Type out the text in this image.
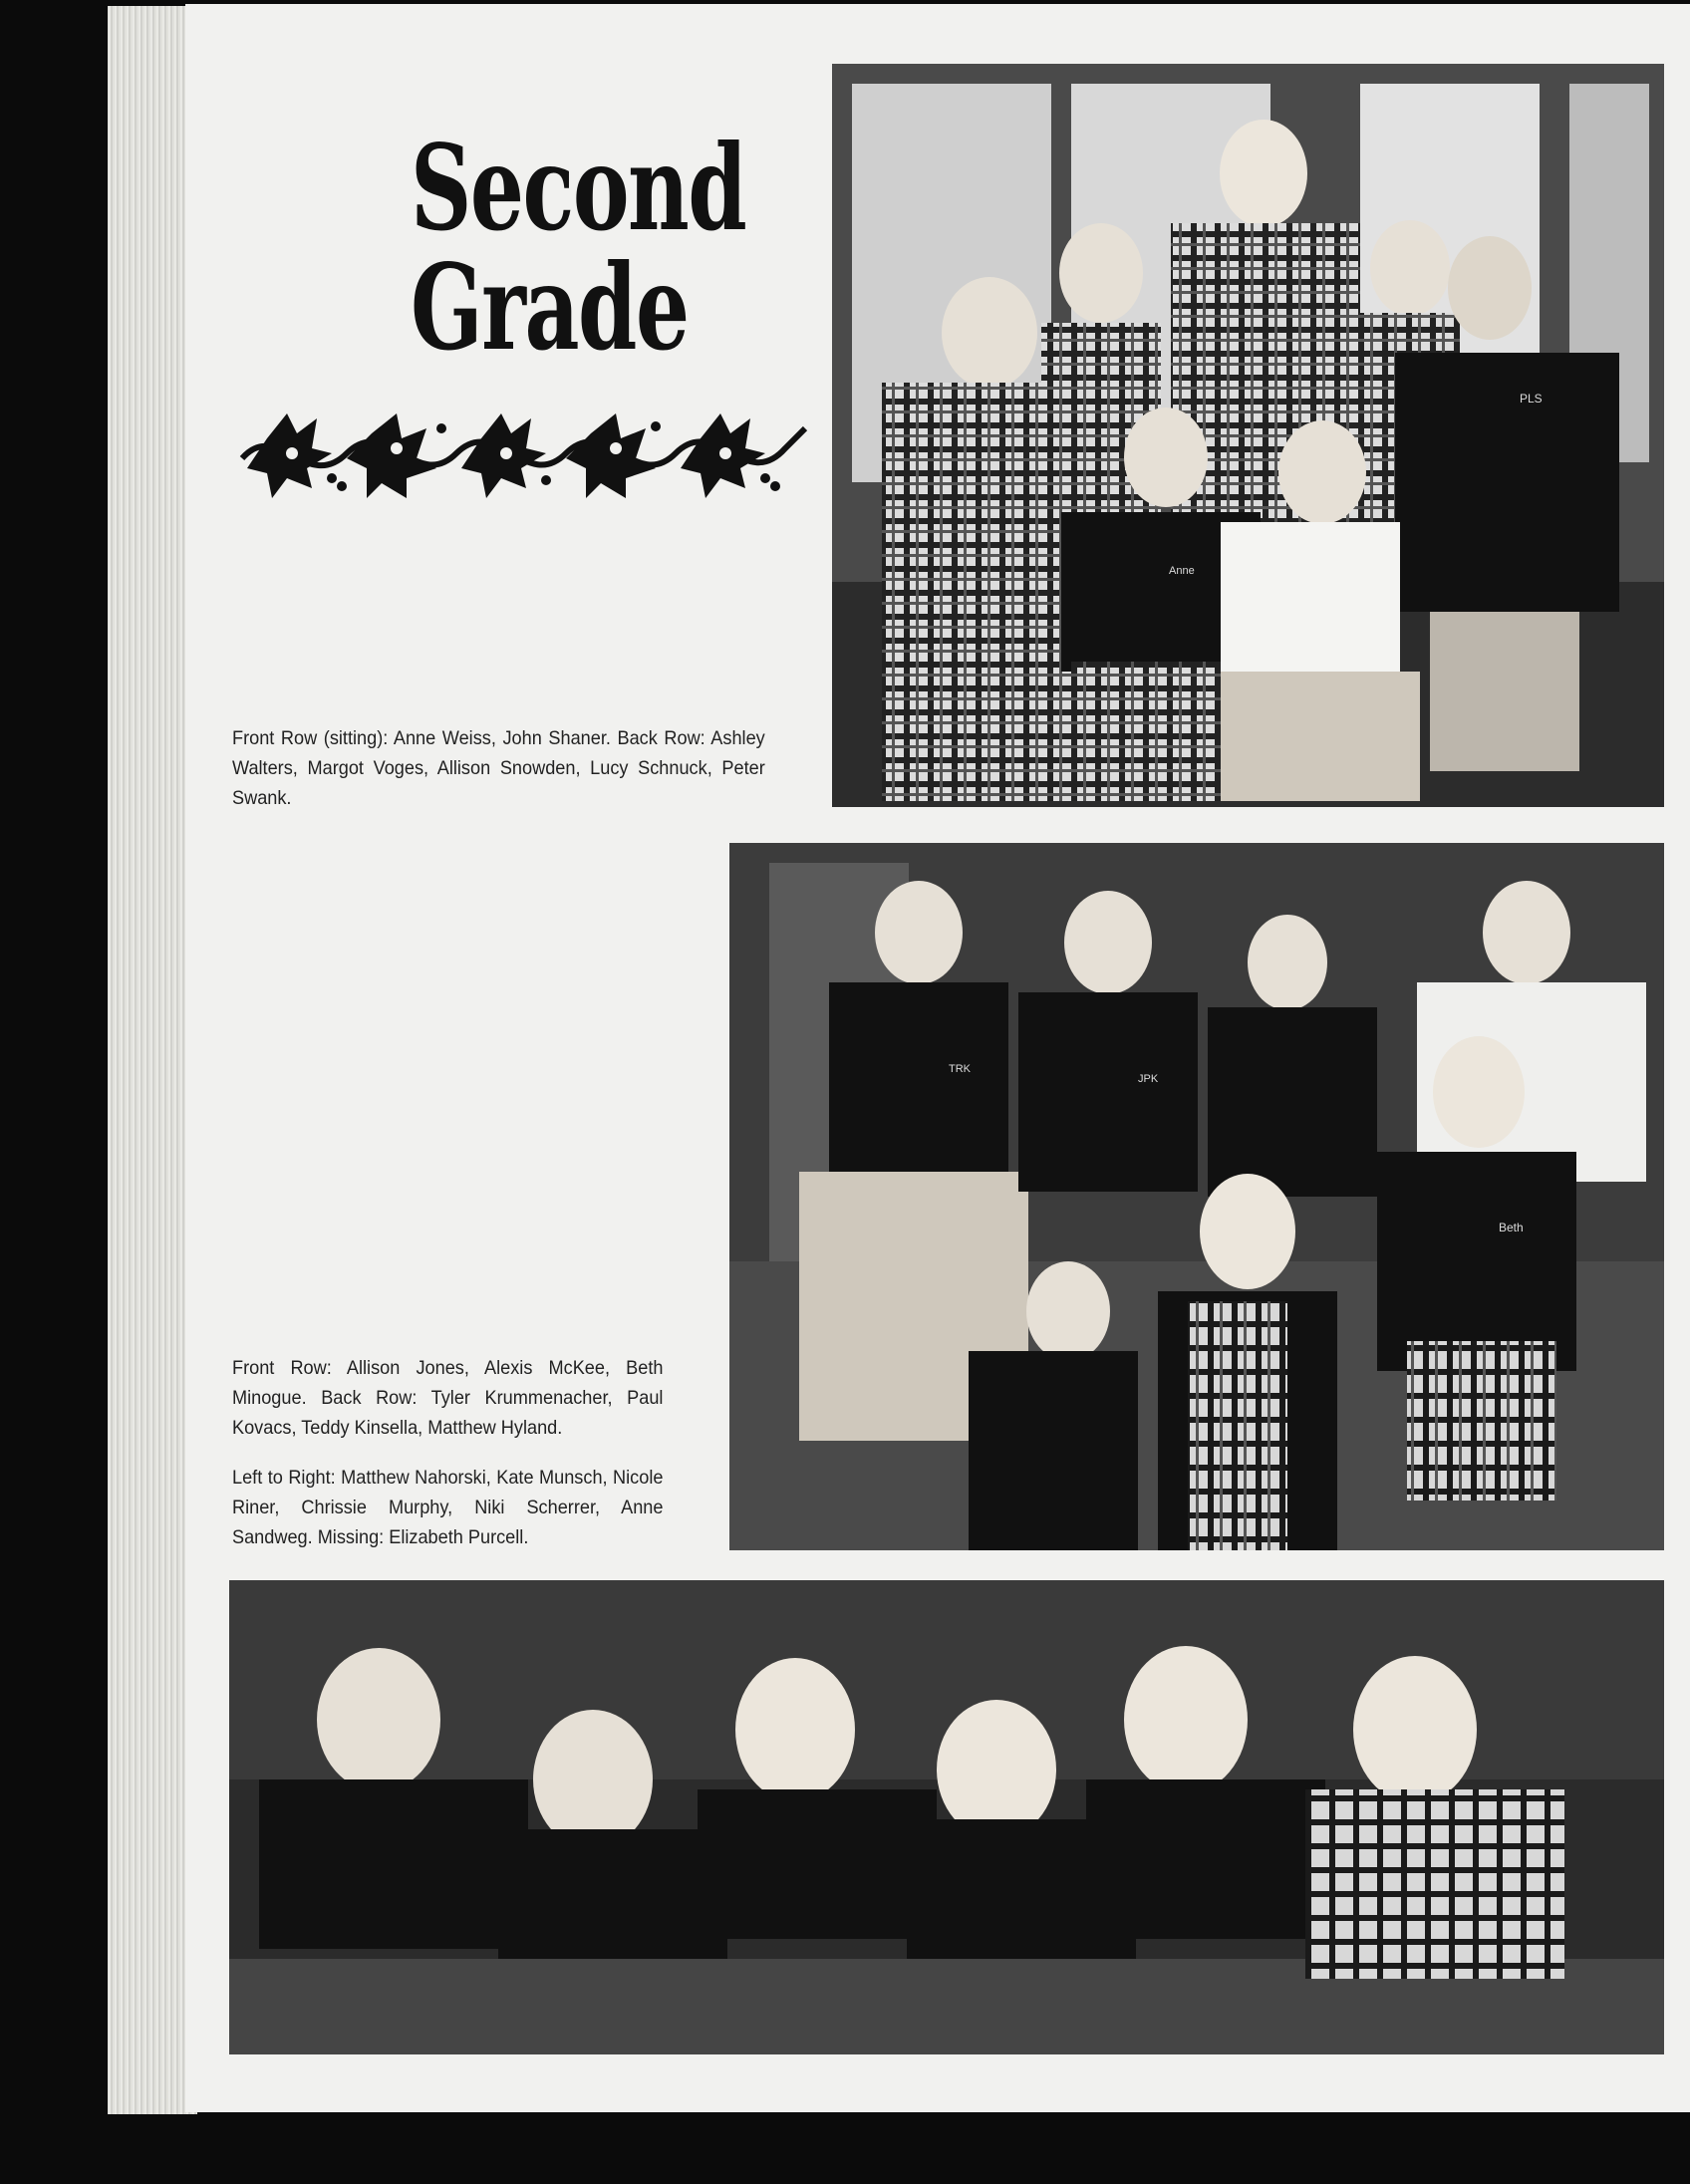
Second
Grade
PLS
Anne
Front Row (sitting): Anne Weiss, John Shaner. Back Row: Ashley Walters, Margot Voges, Allison Snowden, Lucy Schnuck, Peter Swank.
TRK
JPK
Beth
Front Row: Allison Jones, Alexis McKee, Beth Minogue. Back Row: Tyler Krummenacher, Paul Kovacs, Teddy Kinsella, Matthew Hyland.
Left to Right: Matthew Nahorski, Kate Munsch, Nicole Riner, Chrissie Murphy, Niki Scherrer, Anne Sandweg. Missing: Elizabeth Purcell.
